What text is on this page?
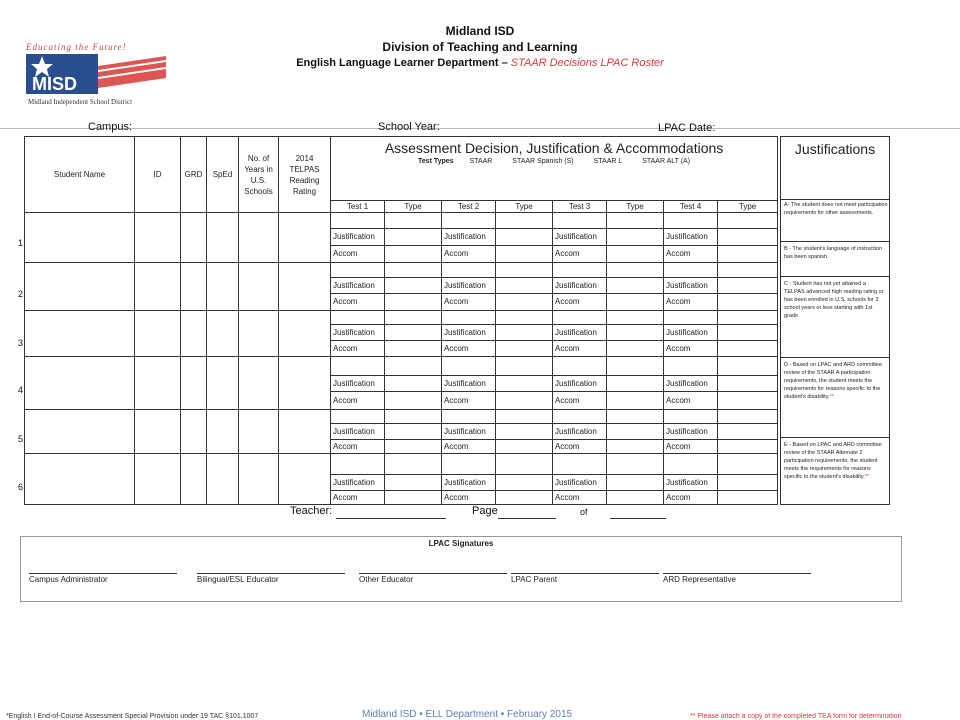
Midland ISD
Division of Teaching and Learning
English Language Learner Department – STAAR Decisions LPAC Roster
Educating the Future!
MISD
Midland Independent School District
Campus:	School Year:	LPAC Date:
Student Name	ID	GRD	SpEd	No. of Years in U.S. Schools	2014 TELPAS Reading Rating	Assessment Decision, Justification & Accommodations
Test Types STAAR STAAR Spanish (S) STAAR L STAAR ALT (A)							

						Test 1	Type	Test 2	Type	Test 3	Type	Test 4	Type

						Justification		Justification		Justification		Justification	
						Accom		Accom		Accom		Accom	

						Justification		Justification		Justification		Justification	
						Accom		Accom		Accom		Accom	

						Justification		Justification		Justification		Justification	
						Accom		Accom		Accom		Accom	

						Justification		Justification		Justification		Justification	
						Accom		Accom		Accom		Accom	

						Justification		Justification		Justification		Justification	
						Accom		Accom		Accom		Accom	

						Justification		Justification		Justification		Justification	
						Accom		Accom		Accom		Accom	
1
2
3
4
5
6
Justifications
A- The student does not meet participation requirements for other assessments.
B - The student's language of instruction has been spanish.
C - Student has not yet attained a TELPAS advanced high reading rating or has been enrolled in U.S. schools for 3 school years or less starting with 1st grade.
D - Based on LPAC and ARD committee review of the STAAR A participation requirements, the student meets the requirements for reasons specific to the student's disability.**
E - Based on LPAC and ARD committee review of the STAAR Alternate 2 participation requirements, the student meets the requirements for reasons specific to the student's disability.**
Teacher:	Page	of
LPAC Signatures
Campus Administrator	Bilingual/ESL Educator	Other Educator	LPAC Parent	ARD Representative
*English I End-of-Course Assessment Special Provision under 19 TAC §101.1007	Midland ISD • ELL Department • February 2015	** Please attach a copy of the completed TEA form for determination
